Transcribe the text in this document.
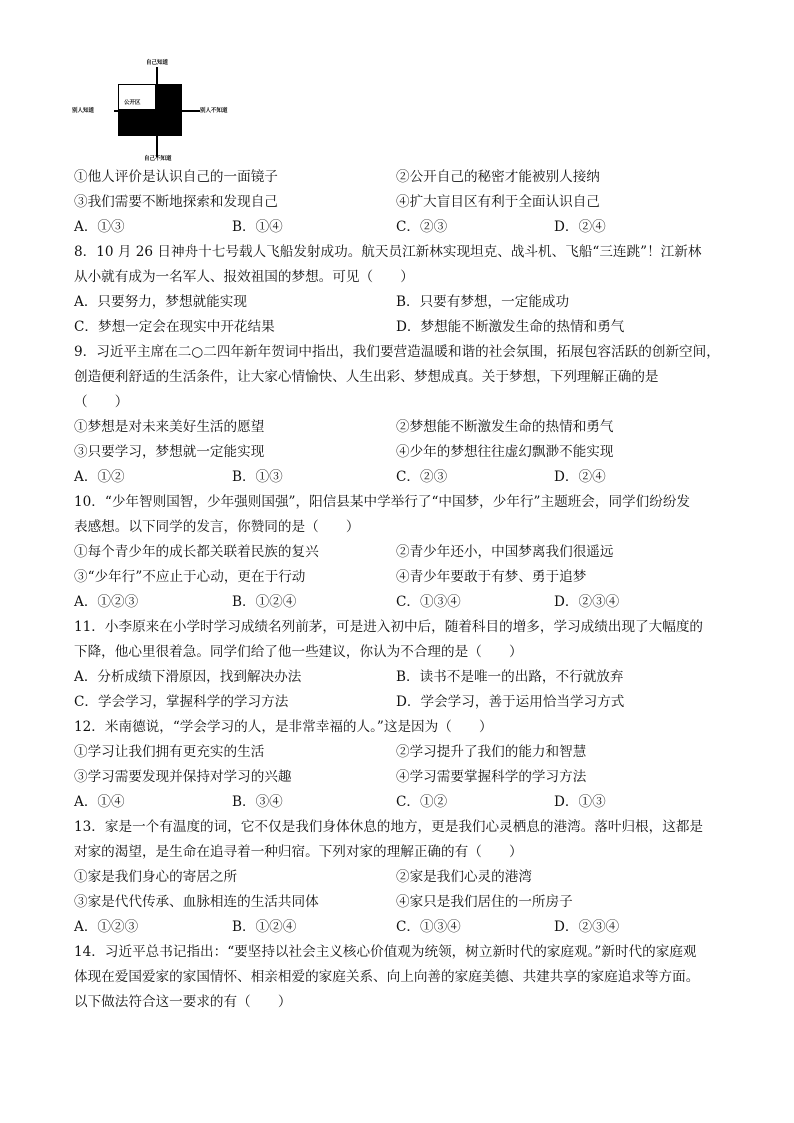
自己知道
自己不知道
别人知道	别人不知道
公开区
①他人评价是认识自己的一面镜子	②公开自己的秘密才能被别人接纳
③我们需要不断地探索和发现自己	④扩大盲目区有利于全面认识自己
A．①③	B．①④	C．②③	D．②④
8．10 月 26 日神舟十七号载人飞船发射成功。航天员江新林实现坦克、战斗机、飞船“三连跳”！江新林
从小就有成为一名军人、报效祖国的梦想。可见（　　）
A．只要努力，梦想就能实现	B．只要有梦想，一定能成功
C．梦想一定会在现实中开花结果	D．梦想能不断激发生命的热情和勇气
9．习近平主席在二○二四年新年贺词中指出，我们要营造温暖和谐的社会氛围，拓展包容活跃的创新空间，
创造便利舒适的生活条件，让大家心情愉快、人生出彩、梦想成真。关于梦想，下列理解正确的是
（　　）
①梦想是对未来美好生活的愿望	②梦想能不断激发生命的热情和勇气
③只要学习，梦想就一定能实现	④少年的梦想往往虚幻飘渺不能实现
A．①②	B．①③	C．②③	D．②④
10．“少年智则国智，少年强则国强”，阳信县某中学举行了“中国梦，少年行”主题班会，同学们纷纷发
表感想。以下同学的发言，你赞同的是（　　）
①每个青少年的成长都关联着民族的复兴	②青少年还小，中国梦离我们很遥远
③“少年行”不应止于心动，更在于行动	④青少年要敢于有梦、勇于追梦
A．①②③	B．①②④	C．①③④	D．②③④
11．小李原来在小学时学习成绩名列前茅，可是进入初中后，随着科目的增多，学习成绩出现了大幅度的
下降，他心里很着急。同学们给了他一些建议，你认为不合理的是（　　）
A．分析成绩下滑原因，找到解决办法	B．读书不是唯一的出路，不行就放弃
C．学会学习，掌握科学的学习方法	D．学会学习，善于运用恰当学习方式
12．米南德说，“学会学习的人，是非常幸福的人。”这是因为（　　）
①学习让我们拥有更充实的生活	②学习提升了我们的能力和智慧
③学习需要发现并保持对学习的兴趣	④学习需要掌握科学的学习方法
A．①④	B．③④	C．①②	D．①③
13．家是一个有温度的词，它不仅是我们身体休息的地方，更是我们心灵栖息的港湾。落叶归根，这都是
对家的渴望，是生命在追寻着一种归宿。下列对家的理解正确的有（　　）
①家是我们身心的寄居之所	②家是我们心灵的港湾
③家是代代传承、血脉相连的生活共同体	④家只是我们居住的一所房子
A．①②③	B．①②④	C．①③④	D．②③④
14．习近平总书记指出：“要坚持以社会主义核心价值观为统领，树立新时代的家庭观。”新时代的家庭观
体现在爱国爱家的家国情怀、相亲相爱的家庭关系、向上向善的家庭美德、共建共享的家庭追求等方面。
以下做法符合这一要求的有（　　）
